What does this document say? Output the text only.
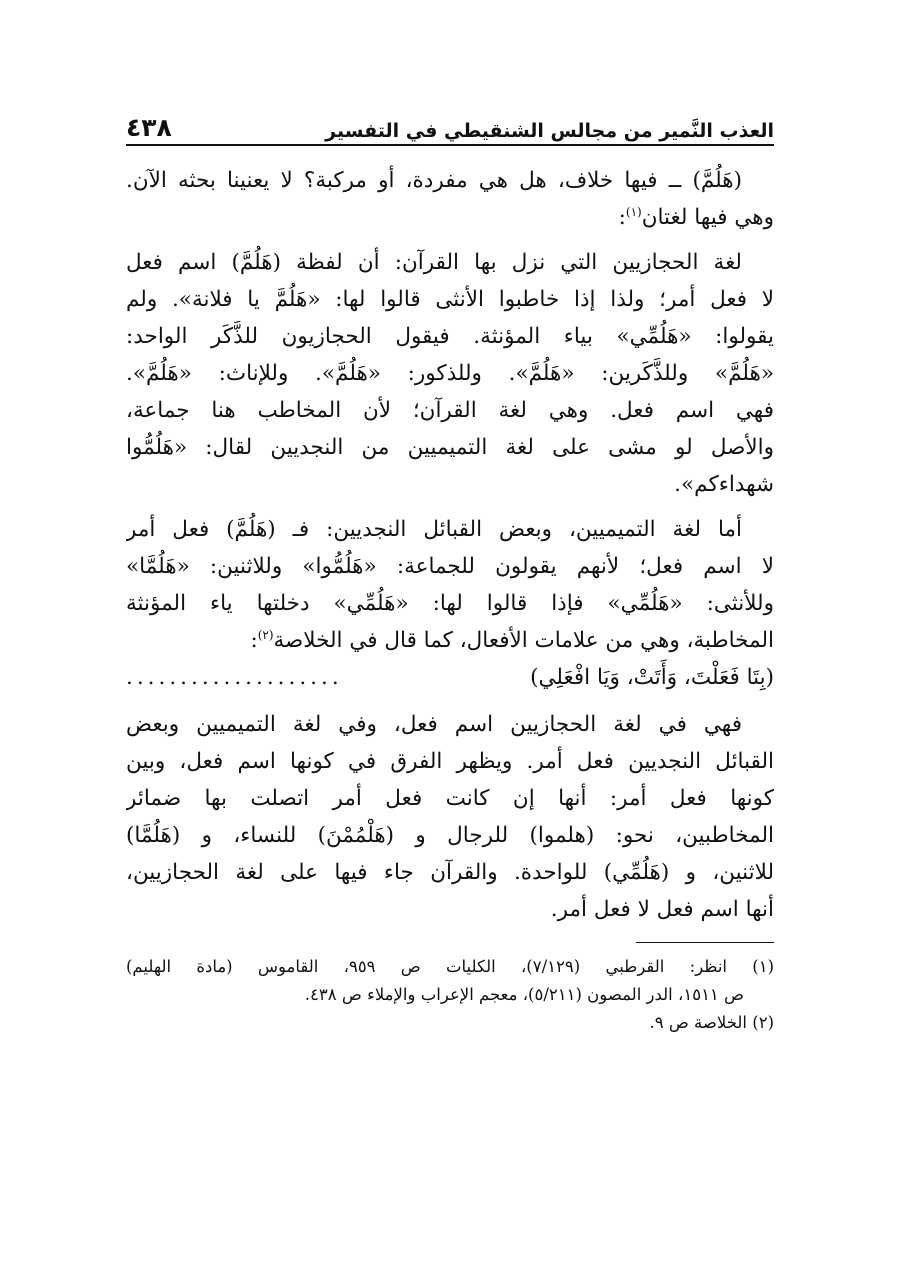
العذب النَّمير من مجالس الشنقيطي في التفسير
٤٣٨
(هَلُمَّ) ــ فيها خلاف، هل هي مفردة، أو مركبة؟ لا يعنينا بحثه الآن.
وهي فيها لغتان$^{(١)}$:
لغة الحجازيين التي نزل بها القرآن: أن لفظة (هَلُمَّ) اسم فعل
لا فعل أمر؛ ولذا إذا خاطبوا الأنثى قالوا لها: «هَلُمَّ يا فلانة». ولم
يقولوا: «هَلُمِّي» بياء المؤنثة. فيقول الحجازيون للذَّكَر الواحد:
«هَلُمَّ» وللذَّكَرين: «هَلُمَّ». وللذكور: «هَلُمَّ». وللإناث: «هَلُمَّ».
فهي اسم فعل. وهي لغة القرآن؛ لأن المخاطب هنا جماعة،
والأصل لو مشى على لغة التميميين من النجديين لقال: «هَلُمُّوا
شهداءكم».
أما لغة التميميين، وبعض القبائل النجديين: فـ (هَلُمَّ) فعل أمر
لا اسم فعل؛ لأنهم يقولون للجماعة: «هَلُمُّوا» وللاثنين: «هَلُمَّا»
وللأنثى: «هَلُمِّي» فإذا قالوا لها: «هَلُمِّي» دخلتها ياء المؤنثة
المخاطبة، وهي من علامات الأفعال، كما قال في الخلاصة$^{(٢)}$:
(بِتَا فَعَلْتَ، وَأَتَتْ، وَيَا افْعَلِي)
....................
فهي في لغة الحجازيين اسم فعل، وفي لغة التميميين وبعض
القبائل النجديين فعل أمر. ويظهر الفرق في كونها اسم فعل، وبين
كونها فعل أمر: أنها إن كانت فعل أمر اتصلت بها ضمائر
المخاطبين، نحو: (هلموا) للرجال و (هَلْمُمْنَ) للنساء، و (هَلُمَّا)
للاثنين، و (هَلُمِّي) للواحدة. والقرآن جاء فيها على لغة الحجازيين،
أنها اسم فعل لا فعل أمر.
(١) انظر: القرطبي (٧/١٢٩)، الكليات ص ٩٥٩، القاموس (مادة الهليم)
ص ١٥١١، الدر المصون (٥/٢١١)، معجم الإعراب والإملاء ص ٤٣٨.
(٢) الخلاصة ص ٩.
